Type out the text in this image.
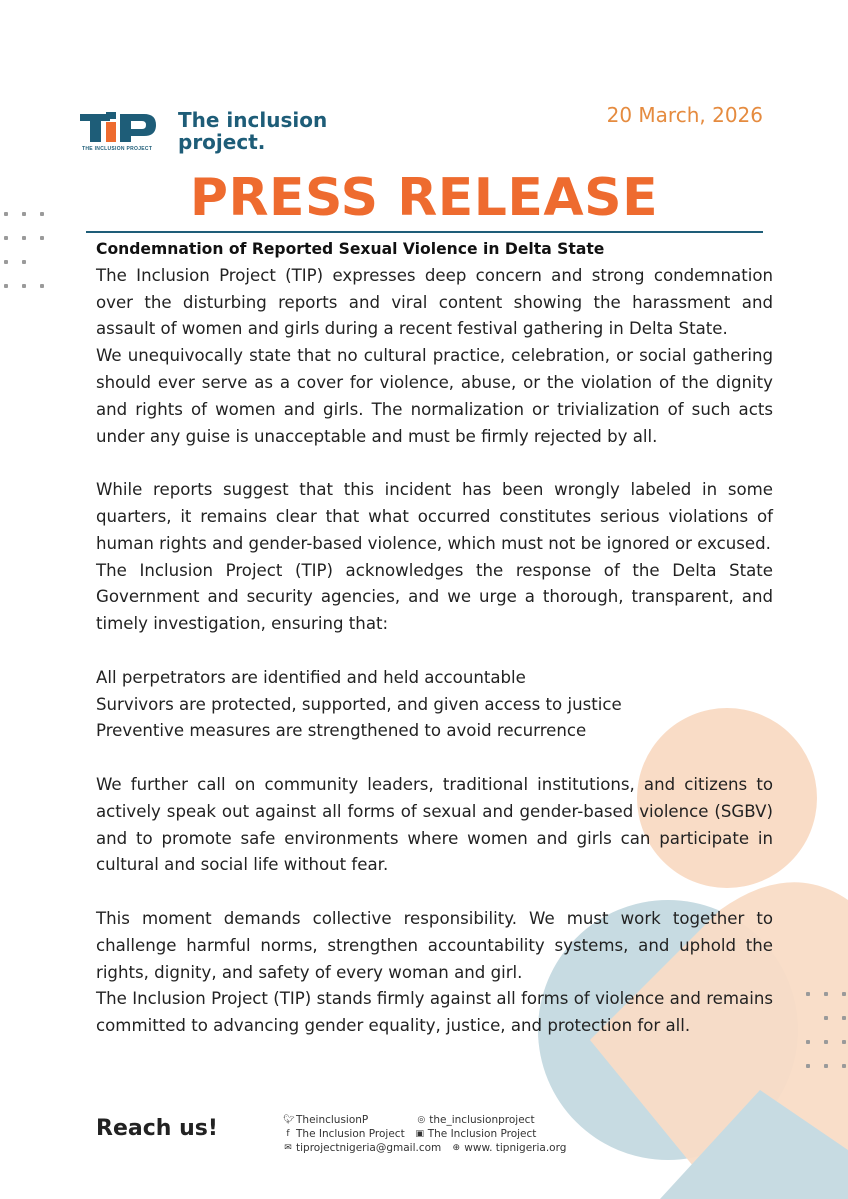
THE INCLUSION PROJECT
The inclusion
project.
20 March, 2026
PRESS RELEASE

Condemnation of Reported Sexual Violence in Delta State

The Inclusion Project (TIP) expresses deep concern and strong condemnation over the disturbing reports and viral content showing the harassment and assault of women and girls during a recent festival gathering in Delta State.

We unequivocally state that no cultural practice, celebration, or social gathering should ever serve as a cover for violence, abuse, or the violation of the dignity and rights of women and girls. The normalization or trivialization of such acts under any guise is unacceptable and must be firmly rejected by all.

While reports suggest that this incident has been wrongly labeled in some quarters, it remains clear that what occurred constitutes serious violations of human rights and gender-based violence, which must not be ignored or excused.

The Inclusion Project (TIP) acknowledges the response of the Delta State Government and security agencies, and we urge a thorough, transparent, and timely investigation, ensuring that:

All perpetrators are identified and held accountable
Survivors are protected, supported, and given access to justice
Preventive measures are strengthened to avoid recurrence

We further call on community leaders, traditional institutions, and citizens to actively speak out against all forms of sexual and gender-based violence (SGBV) and to promote safe environments where women and girls can participate in cultural and social life without fear.

This moment demands collective responsibility. We must work together to challenge harmful norms, strengthen accountability systems, and uphold the rights, dignity, and safety of every woman and girl.

The Inclusion Project (TIP) stands firmly against all forms of violence and remains committed to advancing gender equality, justice, and protection for all.

Reach us!	🐦︎ TheinclusionP	◎ the_inclusionproject
f The Inclusion Project ▣ The Inclusion Project
✉ tiprojectnigeria@gmail.com ⊕ www. tipnigeria.org
